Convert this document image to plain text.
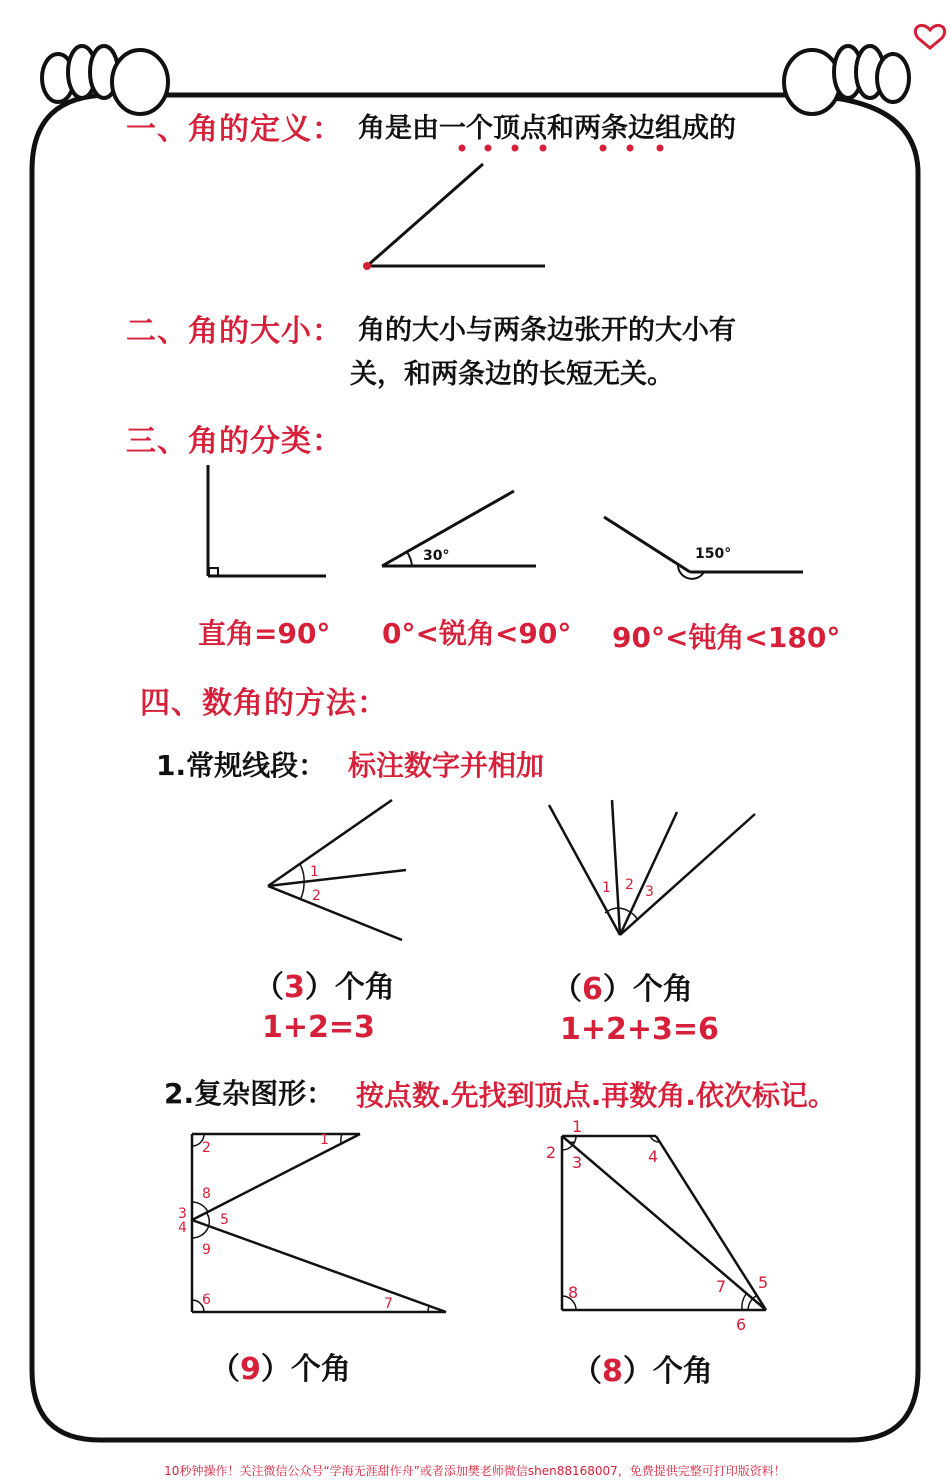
一、角的定义： 角是由一个顶点和两条边组成的
二、角的大小： 角的大小与两条边张开的大小有
关，和两条边的长短无关。
三、角的分类：
30°	150°
直角=90° 0°<锐角<90° 90°<钝角<180°
四、数角的方法：
1.常规线段： 标注数字并相加
1
2	1 2 3
（3）个角
1+2=3
（6）个角
1+2+3=6
2.复杂图形： 按点数.先找到顶点.再数角.依次标记。
1
2
3
4 5
6	7
8
9
1
2
3	4
5
6
7
8
（9）个角	（8）个角
10秒钟操作！关注微信公众号“学海无涯甜作舟”或者添加樊老师微信shen88168007，免费提供完整可打印版资料！
